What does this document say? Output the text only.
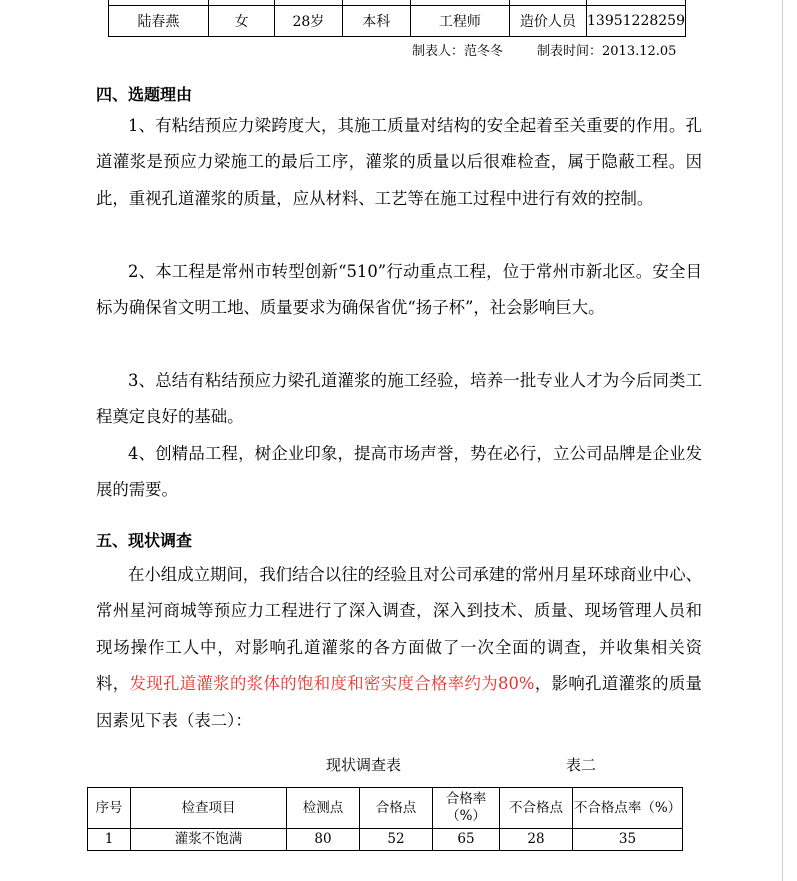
陆春燕	女	28岁	本科	工程师	造价人员	13951228259
制表人：范冬冬	制表时间：2013.12.05
四、选题理由

1、有粘结预应力梁跨度大，其施工质量对结构的安全起着至关重要的作用。孔道灌浆是预应力梁施工的最后工序，灌浆的质量以后很难检查，属于隐蔽工程。因此，重视孔道灌浆的质量，应从材料、工艺等在施工过程中进行有效的控制。

2、本工程是常州市转型创新“510”行动重点工程，位于常州市新北区。安全目标为确保省文明工地、质量要求为确保省优“扬子杯”，社会影响巨大。

3、总结有粘结预应力梁孔道灌浆的施工经验，培养一批专业人才为今后同类工程奠定良好的基础。

4、创精品工程，树企业印象，提高市场声誉，势在必行，立公司品牌是企业发展的需要。

五、现状调查

在小组成立期间，我们结合以往的经验且对公司承建的常州月星环球商业中心、常州星河商城等预应力工程进行了深入调查，深入到技术、质量、现场管理人员和现场操作工人中，对影响孔道灌浆的各方面做了一次全面的调查，并收集相关资料，发现孔道灌浆的浆体的饱和度和密实度合格率约为80%，影响孔道灌浆的质量因素见下表（表二）：

现状调查表	表二
序号	检查项目	检测点	合格点	合格率（%）	不合格点	不合格点率（%）
1	灌浆不饱满	80	52	65	28	35
